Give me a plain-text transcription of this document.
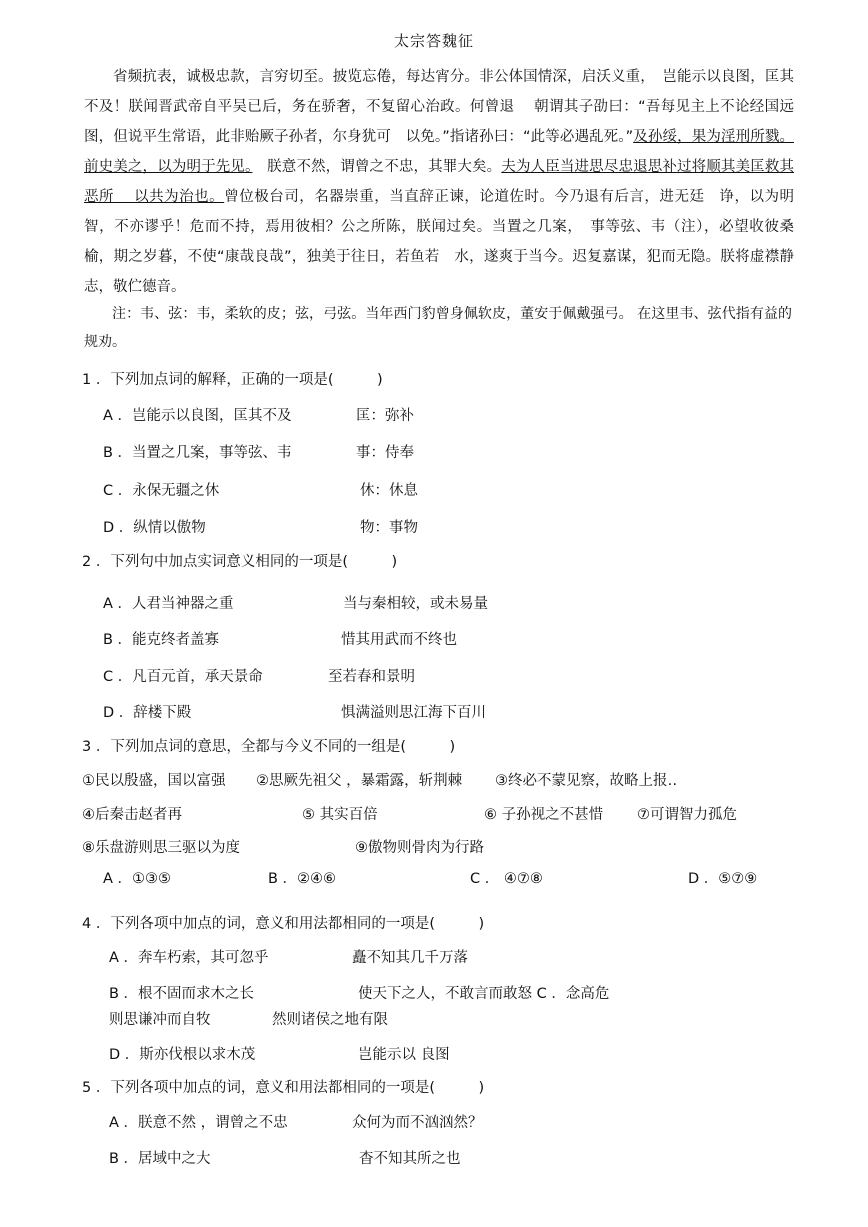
太宗答魏征
省频抗表，诚极忠款，言穷切至。披览忘倦，每达宵分。非公体国情深，启沃义重，　岂能示以良图，匡其不及！朕闻晋武帝自平吴已后，务在骄奢，不复留心治政。何曾退　 朝谓其子劭曰：“吾每见主上不论经国远图，但说平生常语，此非贻厥子孙者，尔身犹可　以免。”指诸孙曰：“此等必遇乱死。”及孙绥，果为淫刑所戮。前史美之，以为明于先见。　朕意不然，谓曾之不忠，其罪大矣。夫为人臣当进思尽忠退思补过将顺其美匡救其恶所　 以共为治也。曾位极台司，名器崇重，当直辞正谏，论道佐时。今乃退有后言，进无廷　诤，以为明智，不亦谬乎！危而不持，焉用彼相？公之所陈，朕闻过矣。当置之几案，　事等弦、韦（注），必望收彼桑榆，期之岁暮，不使“康哉良哉”，独美于往日，若鱼若　水，遂爽于当今。迟复嘉谋，犯而无隐。朕将虚襟静志，敬伫德音。
注：韦、弦：韦，柔软的皮；弦，弓弦。当年西门豹曾身佩软皮，董安于佩戴强弓。 在这里韦、弦代指有益的规劝。
1 ．下列加点词的解释，正确的一项是(　　　)
A ．岂能示以良图，匡其不及	匡：弥补
B ．当置之几案，事等弦、韦	事：侍奉
C ．永保无疆之休	休：休息
D ．纵情以傲物	物：事物
2 ．下列句中加点实词意义相同的一项是(　　　)
A ．人君当神器之重	当与秦相较，或未易量
B ．能克终者盖寡	惜其用武而不终也
C ．凡百元首，承天景命	至若春和景明
D ．辞楼下殿	惧满溢则思江海下百川
3 ．下列加点词的意思，全都与今义不同的一组是(　　　)
①民以殷盛，国以富强 ②思厥先祖父 ，暴霜露，斩荆棘 ③终必不蒙见察，故略上报‥
④后秦击赵者再	⑤ 其实百倍	⑥ 子孙视之不甚惜 ⑦可谓智力孤危
⑧乐盘游则思三驱以为度	⑨傲物则骨肉为行路
A ．①③⑤	B ．②④⑥	C ． ④⑦⑧	D ．⑤⑦⑨
4 ．下列各项中加点的词，意义和用法都相同的一项是(　　　)
A ．奔车朽索，其可忽乎	矗不知其几千万落
B ．根不固而求木之长	使天下之人，不敢言而敢怒 C ．念高危
则思谦冲而自牧	然则诸侯之地有限
D ．斯亦伐根以求木茂	岂能示以 良图
5 ．下列各项中加点的词，意义和用法都相同的一项是(　　　)
A ．朕意不然 ，谓曾之不忠	众何为而不汹汹然？
B ．居域中之大	杳不知其所之也
